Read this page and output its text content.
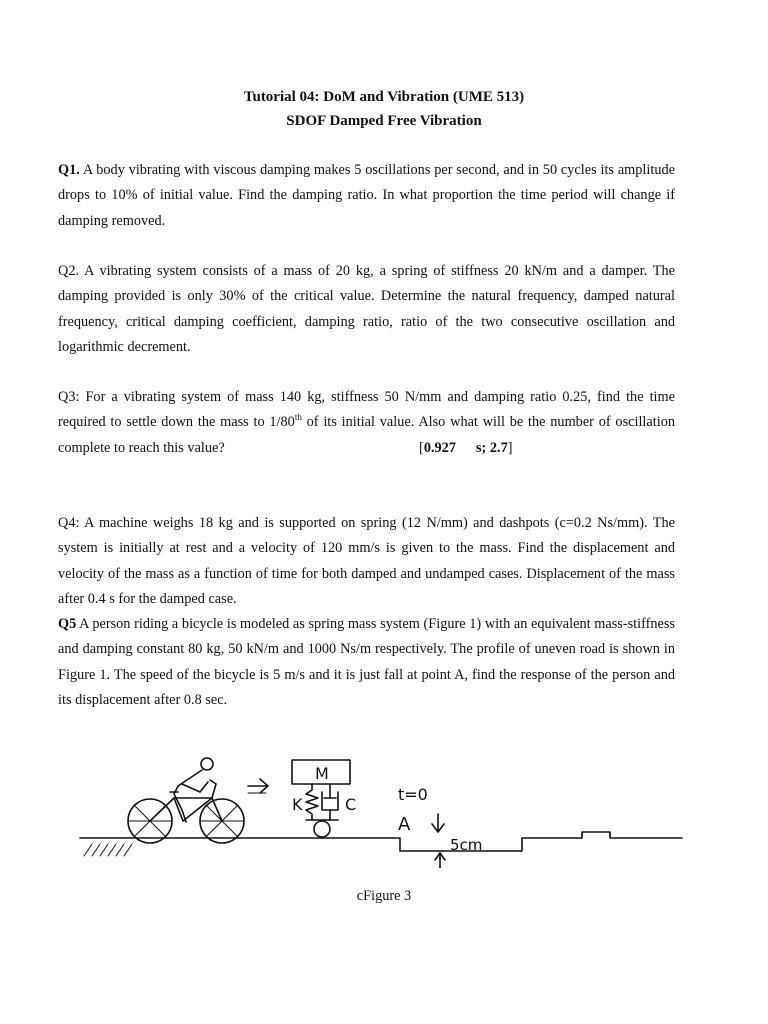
Tutorial 04: DoM and Vibration (UME 513)
SDOF Damped Free Vibration

Q1. A body vibrating with viscous damping makes 5 oscillations per second, and in 50 cycles its amplitude drops to 10% of initial value. Find the damping ratio. In what proportion the time period will change if damping removed.

Q2. A vibrating system consists of a mass of 20 kg, a spring of stiffness 20 kN/m and a damper. The damping provided is only 30% of the critical value. Determine the natural frequency, damped natural frequency, critical damping coefficient, damping ratio, ratio of the two consecutive oscillation and logarithmic decrement.

Q3: For a vibrating system of mass 140 kg, stiffness 50 N/mm and damping ratio 0.25, find the time required to settle down the mass to 1/80th of its initial value. Also what will be the number of oscillation complete to reach this value?	[0.927 s; 2.7]

Q4: A machine weighs 18 kg and is supported on spring (12 N/mm) and dashpots (c=0.2 Ns/mm). The system is initially at rest and a velocity of 120 mm/s is given to the mass. Find the displacement and velocity of the mass as a function of time for both damped and undamped cases. Displacement of the mass after 0.4 s for the damped case.

Q5 A person riding a bicycle is modeled as spring mass system (Figure 1) with an equivalent mass-stiffness and damping constant 80 kg, 50 kN/m and 1000 Ns/m respectively. The profile of uneven road is shown in Figure 1. The speed of the bicycle is 5 m/s and it is just fall at point A, find the response of the person and its displacement after 0.8 sec.

M
K	C
t=0
A
5cm
cFigure 3
